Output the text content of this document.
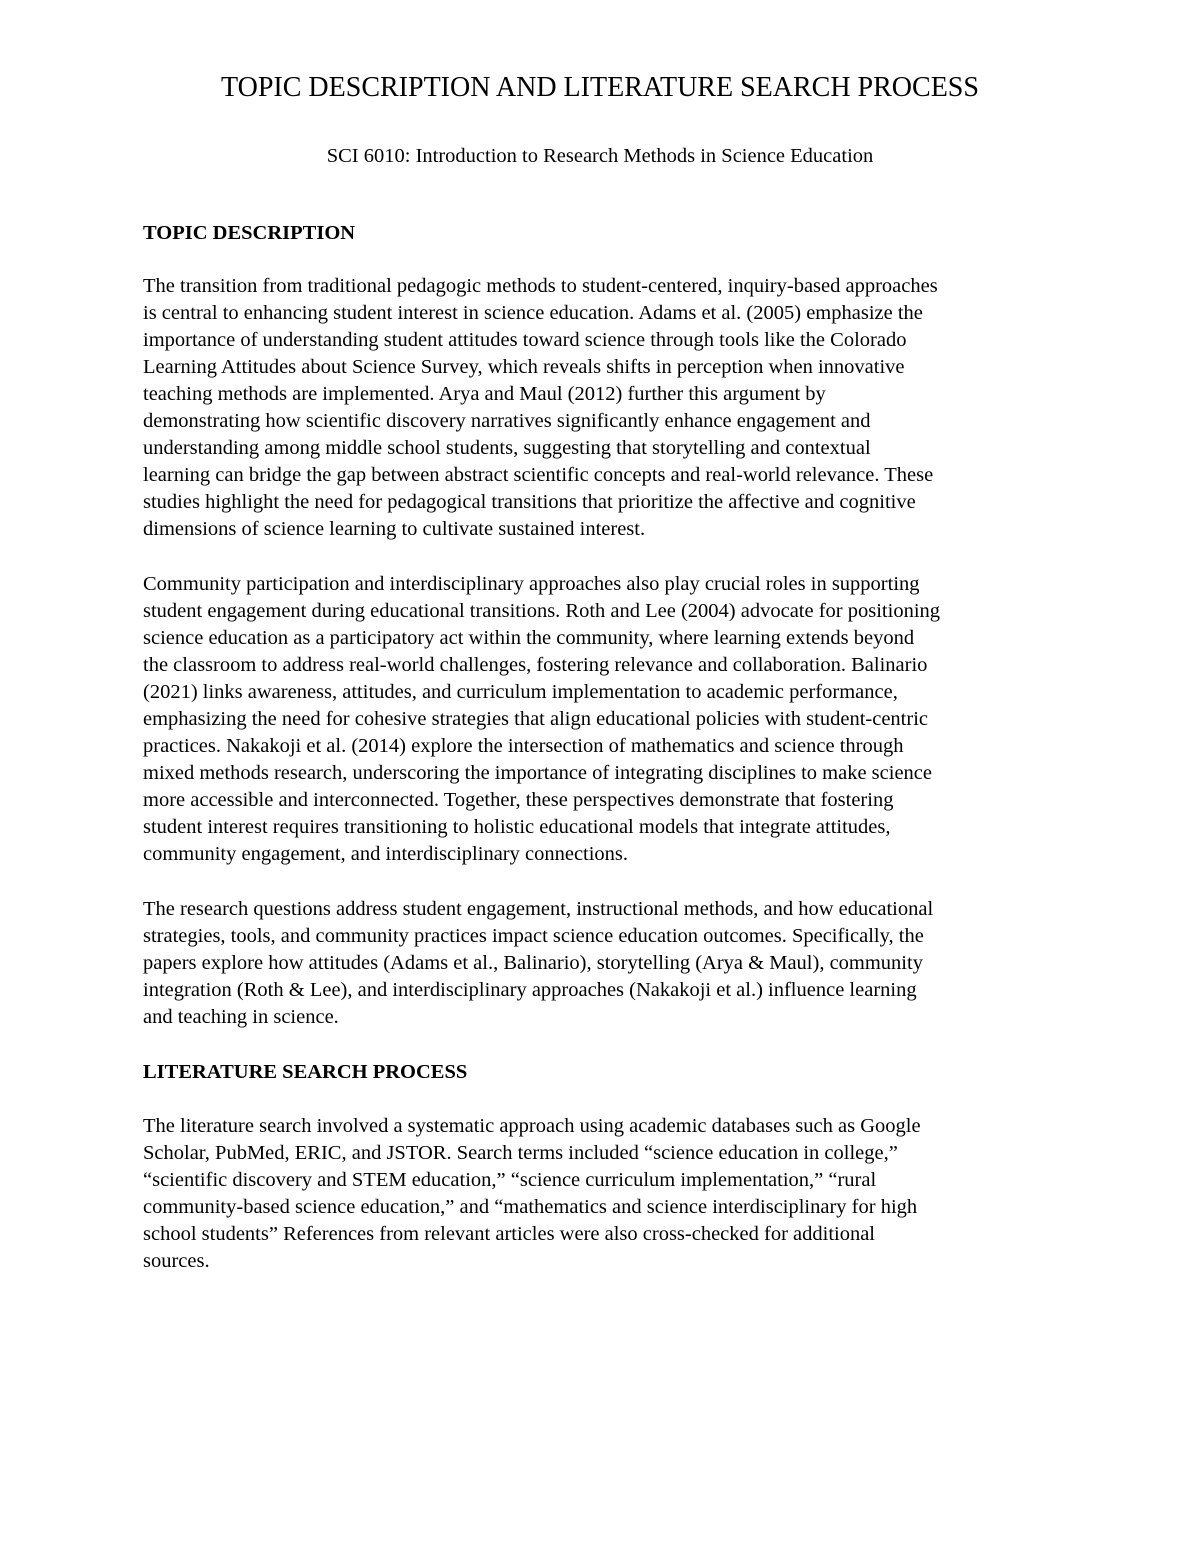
TOPIC DESCRIPTION AND LITERATURE SEARCH PROCESS

SCI 6010: Introduction to Research Methods in Science Education

TOPIC DESCRIPTION

The transition from traditional pedagogic methods to student-centered, inquiry-based approaches
is central to enhancing student interest in science education. Adams et al. (2005) emphasize the
importance of understanding student attitudes toward science through tools like the Colorado
Learning Attitudes about Science Survey, which reveals shifts in perception when innovative
teaching methods are implemented. Arya and Maul (2012) further this argument by
demonstrating how scientific discovery narratives significantly enhance engagement and
understanding among middle school students, suggesting that storytelling and contextual
learning can bridge the gap between abstract scientific concepts and real-world relevance. These
studies highlight the need for pedagogical transitions that prioritize the affective and cognitive
dimensions of science learning to cultivate sustained interest.

Community participation and interdisciplinary approaches also play crucial roles in supporting
student engagement during educational transitions. Roth and Lee (2004) advocate for positioning
science education as a participatory act within the community, where learning extends beyond
the classroom to address real-world challenges, fostering relevance and collaboration. Balinario
(2021) links awareness, attitudes, and curriculum implementation to academic performance,
emphasizing the need for cohesive strategies that align educational policies with student-centric
practices. Nakakoji et al. (2014) explore the intersection of mathematics and science through
mixed methods research, underscoring the importance of integrating disciplines to make science
more accessible and interconnected. Together, these perspectives demonstrate that fostering
student interest requires transitioning to holistic educational models that integrate attitudes,
community engagement, and interdisciplinary connections.

The research questions address student engagement, instructional methods, and how educational
strategies, tools, and community practices impact science education outcomes. Specifically, the
papers explore how attitudes (Adams et al., Balinario), storytelling (Arya & Maul), community
integration (Roth & Lee), and interdisciplinary approaches (Nakakoji et al.) influence learning
and teaching in science.

LITERATURE SEARCH PROCESS

The literature search involved a systematic approach using academic databases such as Google
Scholar, PubMed, ERIC, and JSTOR. Search terms included “science education in college,”
“scientific discovery and STEM education,” “science curriculum implementation,” “rural
community-based science education,” and “mathematics and science interdisciplinary for high
school students” References from relevant articles were also cross-checked for additional
sources.
